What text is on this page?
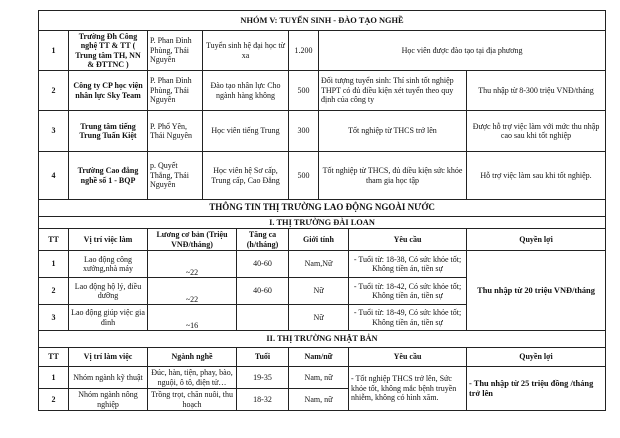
NHÓM V: TUYỂN SINH - ĐÀO TẠO NGHỀ						
1	Trường Đh Công nghệ TT & TT ( Trung tâm TH, NN & ĐTTNC )	P. Phan Đình Phùng, Thái Nguyên	Tuyển sinh hệ đại học từ xa	1.200	Học viên được đào tạo tại địa phương	
2	Công ty CP học viện nhân lực Sky Team	P. Phan Đình Phùng, Thái Nguyên	Đào tạo nhân lực Cho ngành hàng không	500	Đối tượng tuyển sinh: Thí sinh tốt nghiệp THPT có đủ điều kiện xét tuyển theo quy định của công ty	Thu nhập từ 8-300 triệu VNĐ/tháng
3	Trung tâm tiếng Trung Tuấn Kiệt	P. Phổ Yên, Thái Nguyên	Học viên tiếng Trung	300	Tốt nghiệp từ THCS trở lên	Được hỗ trợ việc làm với mức thu nhập cao sau khi tốt nghiệp
4	Trường Cao đẳng nghề số 1 - BQP	p. Quyết Thắng, Thái Nguyên	Học viên hệ Sơ cấp, Trung cấp, Cao Đẳng	500	Tốt nghiệp từ THCS, đủ điều kiện sức khỏe tham gia học tập	Hỗ trợ việc làm sau khi tốt nghiệp.
THÔNG TIN THỊ TRƯỜNG LAO ĐỘNG NGOÀI NƯỚC						
I. THỊ TRƯỜNG ĐÀI LOAN						
TT	Vị trí việc làm	Lương cơ bản (Triệu VNĐ/tháng)	Tăng ca (h/tháng)	Giới tính	Yêu cầu	Quyền lợi
1	Lao động công xưởng,nhà máy	~22	40-60	Nam,Nữ	- Tuổi từ: 18-38, Có sức khỏe tốt; Không tiền án, tiền sự	Thu nhập từ 20 triệu VNĐ/tháng
2	Lao động hộ lý, điều dưỡng	~22	40-60	Nữ	- Tuổi từ: 18-42, Có sức khỏe tốt; Không tiền án, tiền sự	
3	Lao động giúp việc gia đình	~16		Nữ	- Tuổi từ: 18-49, Có sức khỏe tốt; Không tiền án, tiền sự	
II. THỊ TRƯỜNG NHẬT BẢN						
TT	Vị trí làm việc	Ngành nghề	Tuổi	Nam/nữ	Yêu cầu	Quyền lợi
1	Nhóm ngành kỹ thuật	Đúc, hàn, tiện, phay, bào, nguội, ô tô, điện tử…	19-35	Nam, nữ	- Tốt nghiệp THCS trở lên, Sức khỏe tốt, không mắc bệnh truyền nhiễm, không có hình xăm.	- Thu nhập từ 25 triệu đồng /tháng trở lên
2	Nhóm ngành nông nghiệp	Trồng trọt, chăn nuôi, thu hoạch	18-32	Nam, nữ		
